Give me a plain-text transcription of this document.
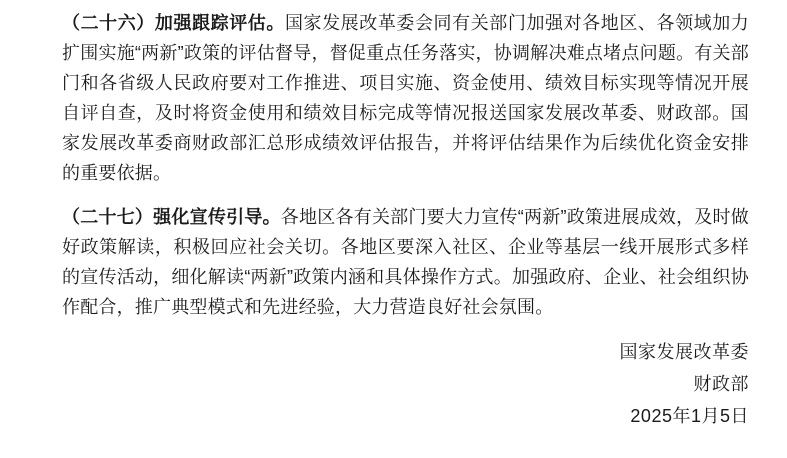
（二十六）加强跟踪评估。国家发展改革委会同有关部门加强对各地区、各领域加力扩围实施“两新”政策的评估督导，督促重点任务落实，协调解决难点堵点问题。有关部门和各省级人民政府要对工作推进、项目实施、资金使用、绩效目标实现等情况开展自评自查，及时将资金使用和绩效目标完成等情况报送国家发展改革委、财政部。国家发展改革委商财政部汇总形成绩效评估报告，并将评估结果作为后续优化资金安排的重要依据。

（二十七）强化宣传引导。各地区各有关部门要大力宣传“两新”政策进展成效，及时做好政策解读，积极回应社会关切。各地区要深入社区、企业等基层一线开展形式多样的宣传活动，细化解读“两新”政策内涵和具体操作方式。加强政府、企业、社会组织协作配合，推广典型模式和先进经验，大力营造良好社会氛围。

国家发展改革委
财政部
2025年1月5日
